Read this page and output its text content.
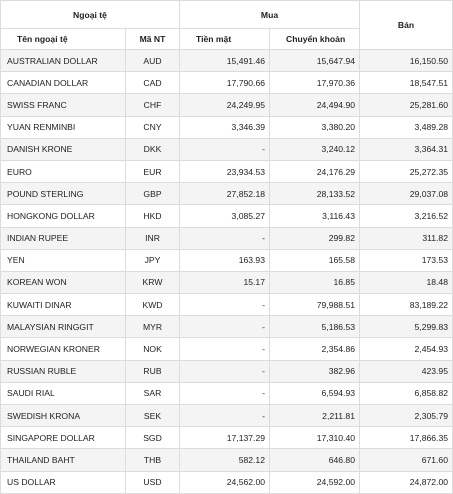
Ngoại tệ		Mua		Bán
Tên ngoại tệ	Mã NT	Tiền mặt	Chuyển khoản	
AUSTRALIAN DOLLAR	AUD	15,491.46	15,647.94	16,150.50
CANADIAN DOLLAR	CAD	17,790.66	17,970.36	18,547.51
SWISS FRANC	CHF	24,249.95	24,494.90	25,281.60
YUAN RENMINBI	CNY	3,346.39	3,380.20	3,489.28
DANISH KRONE	DKK	-	3,240.12	3,364.31
EURO	EUR	23,934.53	24,176.29	25,272.35
POUND STERLING	GBP	27,852.18	28,133.52	29,037.08
HONGKONG DOLLAR	HKD	3,085.27	3,116.43	3,216.52
INDIAN RUPEE	INR	-	299.82	311.82
YEN	JPY	163.93	165.58	173.53
KOREAN WON	KRW	15.17	16.85	18.48
KUWAITI DINAR	KWD	-	79,988.51	83,189.22
MALAYSIAN RINGGIT	MYR	-	5,186.53	5,299.83
NORWEGIAN KRONER	NOK	-	2,354.86	2,454.93
RUSSIAN RUBLE	RUB	-	382.96	423.95
SAUDI RIAL	SAR	-	6,594.93	6,858.82
SWEDISH KRONA	SEK	-	2,211.81	2,305.79
SINGAPORE DOLLAR	SGD	17,137.29	17,310.40	17,866.35
THAILAND BAHT	THB	582.12	646.80	671.60
US DOLLAR	USD	24,562.00	24,592.00	24,872.00
